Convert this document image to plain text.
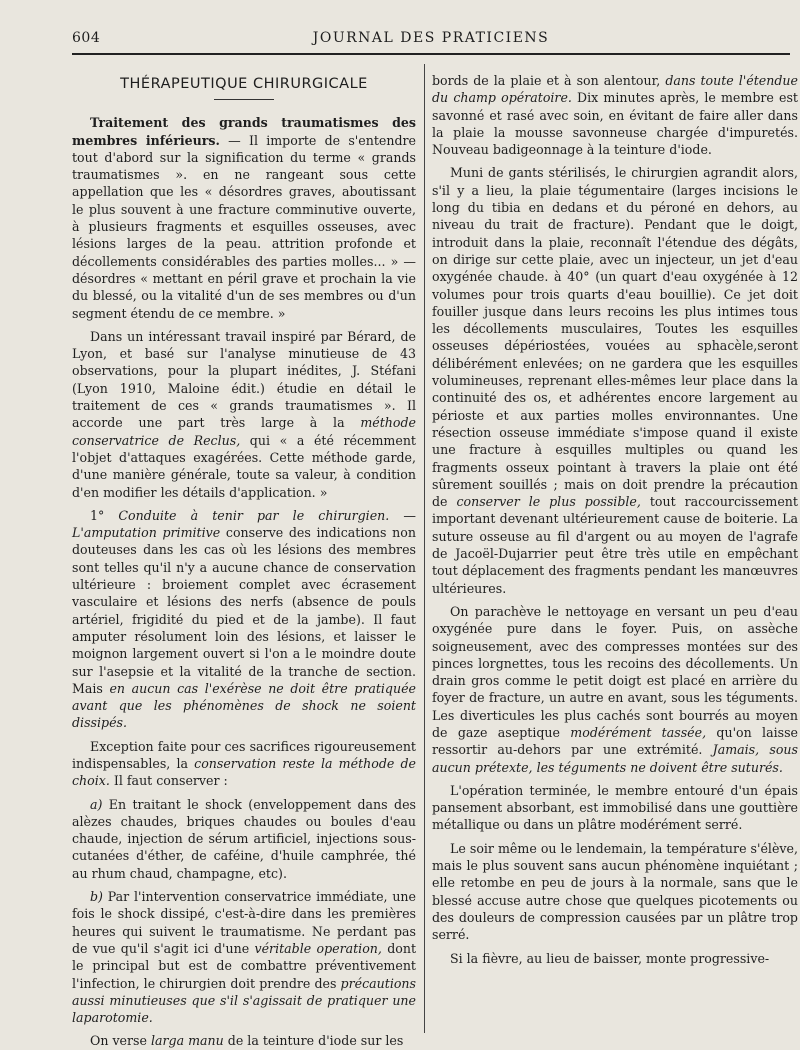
604	JOURNAL DES PRATICIENS
THÉRAPEUTIQUE CHIRURGICALE

Traitement des grands traumatismes des membres inférieurs. — Il importe de s'entendre tout d'abord sur la signification du terme « grands traumatismes ». en ne rangeant sous cette appellation que les « désordres graves, aboutissant le plus souvent à une fracture comminutive ouverte, à plusieurs fragments et esquilles osseuses, avec lésions larges de la peau. attrition profonde et décollements considérables des parties molles... » — désordres « mettant en péril grave et prochain la vie du blessé, ou la vitalité d'un de ses membres ou d'un segment étendu de ce membre. »

Dans un intéressant travail inspiré par Bérard, de Lyon, et basé sur l'analyse minutieuse de 43 observations, pour la plupart inédites, J. Stéfani (Lyon 1910, Maloine édit.) étudie en détail le traitement de ces « grands traumatismes ». Il accorde une part très large à la méthode conservatrice de Reclus, qui « a été récemment l'objet d'attaques exagérées. Cette méthode garde, d'une manière générale, toute sa valeur, à condition d'en modifier les détails d'application. »

1° Conduite à tenir par le chirurgien. — L'amputation primitive conserve des indications non douteuses dans les cas où les lésions des membres sont telles qu'il n'y a aucune chance de conservation ultérieure : broiement complet avec écrasement vasculaire et lésions des nerfs (absence de pouls artériel, frigidité du pied et de la jambe). Il faut amputer résolument loin des lésions, et laisser le moignon largement ouvert si l'on a le moindre doute sur l'asepsie et la vitalité de la tranche de section. Mais en aucun cas l'exérèse ne doit être pratiquée avant que les phénomènes de shock ne soient dissipés.

Exception faite pour ces sacrifices rigoureusement indispensables, la conservation reste la méthode de choix. Il faut conserver :

a) En traitant le shock (enveloppement dans des alèzes chaudes, briques chaudes ou boules d'eau chaude, injection de sérum artificiel, injections sous-cutanées d'éther, de caféine, d'huile camphrée, thé au rhum chaud, champagne, etc).

b) Par l'intervention conservatrice immédiate, une fois le shock dissipé, c'est-à-dire dans les premières heures qui suivent le traumatisme. Ne perdant pas de vue qu'il s'agit ici d'une véritable operation, dont le principal but est de combattre préventivement l'infection, le chirurgien doit prendre des précautions aussi minutieuses que s'il s'agissait de pratiquer une laparotomie.

On verse larga manu de la teinture d'iode sur les

bords de la plaie et à son alentour, dans toute l'étendue du champ opératoire. Dix minutes après, le membre est savonné et rasé avec soin, en évitant de faire aller dans la plaie la mousse savonneuse chargée d'impuretés. Nouveau badigeonnage à la teinture d'iode.

Muni de gants stérilisés, le chirurgien agrandit alors, s'il y a lieu, la plaie tégumentaire (larges incisions le long du tibia en dedans et du péroné en dehors, au niveau du trait de fracture). Pendant que le doigt, introduit dans la plaie, reconnaît l'étendue des dégâts, on dirige sur cette plaie, avec un injecteur, un jet d'eau oxygénée chaude. à 40° (un quart d'eau oxygénée à 12 volumes pour trois quarts d'eau bouillie). Ce jet doit fouiller jusque dans leurs recoins les plus intimes tous les décollements musculaires, Toutes les esquilles osseuses dépériostées, vouées au sphacèle,seront délibérément enlevées; on ne gardera que les esquilles volumineuses, reprenant elles-mêmes leur place dans la continuité des os, et adhérentes encore largement au périoste et aux parties molles environnantes. Une résection osseuse immédiate s'impose quand il existe une fracture à esquilles multiples ou quand les fragments osseux pointant à travers la plaie ont été sûrement souillés ; mais on doit prendre la précaution de conserver le plus possible, tout raccourcissement important devenant ultérieurement cause de boiterie. La suture osseuse au fil d'argent ou au moyen de l'agrafe de Jacoël-Dujarrier peut être très utile en empêchant tout déplacement des fragments pendant les manœuvres ultérieures.

On parachève le nettoyage en versant un peu d'eau oxygénée pure dans le foyer. Puis, on assèche soigneusement, avec des compresses montées sur des pinces lorgnettes, tous les recoins des décollements. Un drain gros comme le petit doigt est placé en arrière du foyer de fracture, un autre en avant, sous les téguments. Les diverticules les plus cachés sont bourrés au moyen de gaze aseptique modérément tassée, qu'on laisse ressortir au-dehors par une extrémité. Jamais, sous aucun prétexte, les téguments ne doivent être suturés.

L'opération terminée, le membre entouré d'un épais pansement absorbant, est immobilisé dans une gouttière métallique ou dans un plâtre modérément serré.

Le soir même ou le lendemain, la température s'élève, mais le plus souvent sans aucun phénomène inquiétant ; elle retombe en peu de jours à la normale, sans que le blessé accuse autre chose que quelques picotements ou des douleurs de compression causées par un plâtre trop serré.

Si la fièvre, au lieu de baisser, monte progressive-
